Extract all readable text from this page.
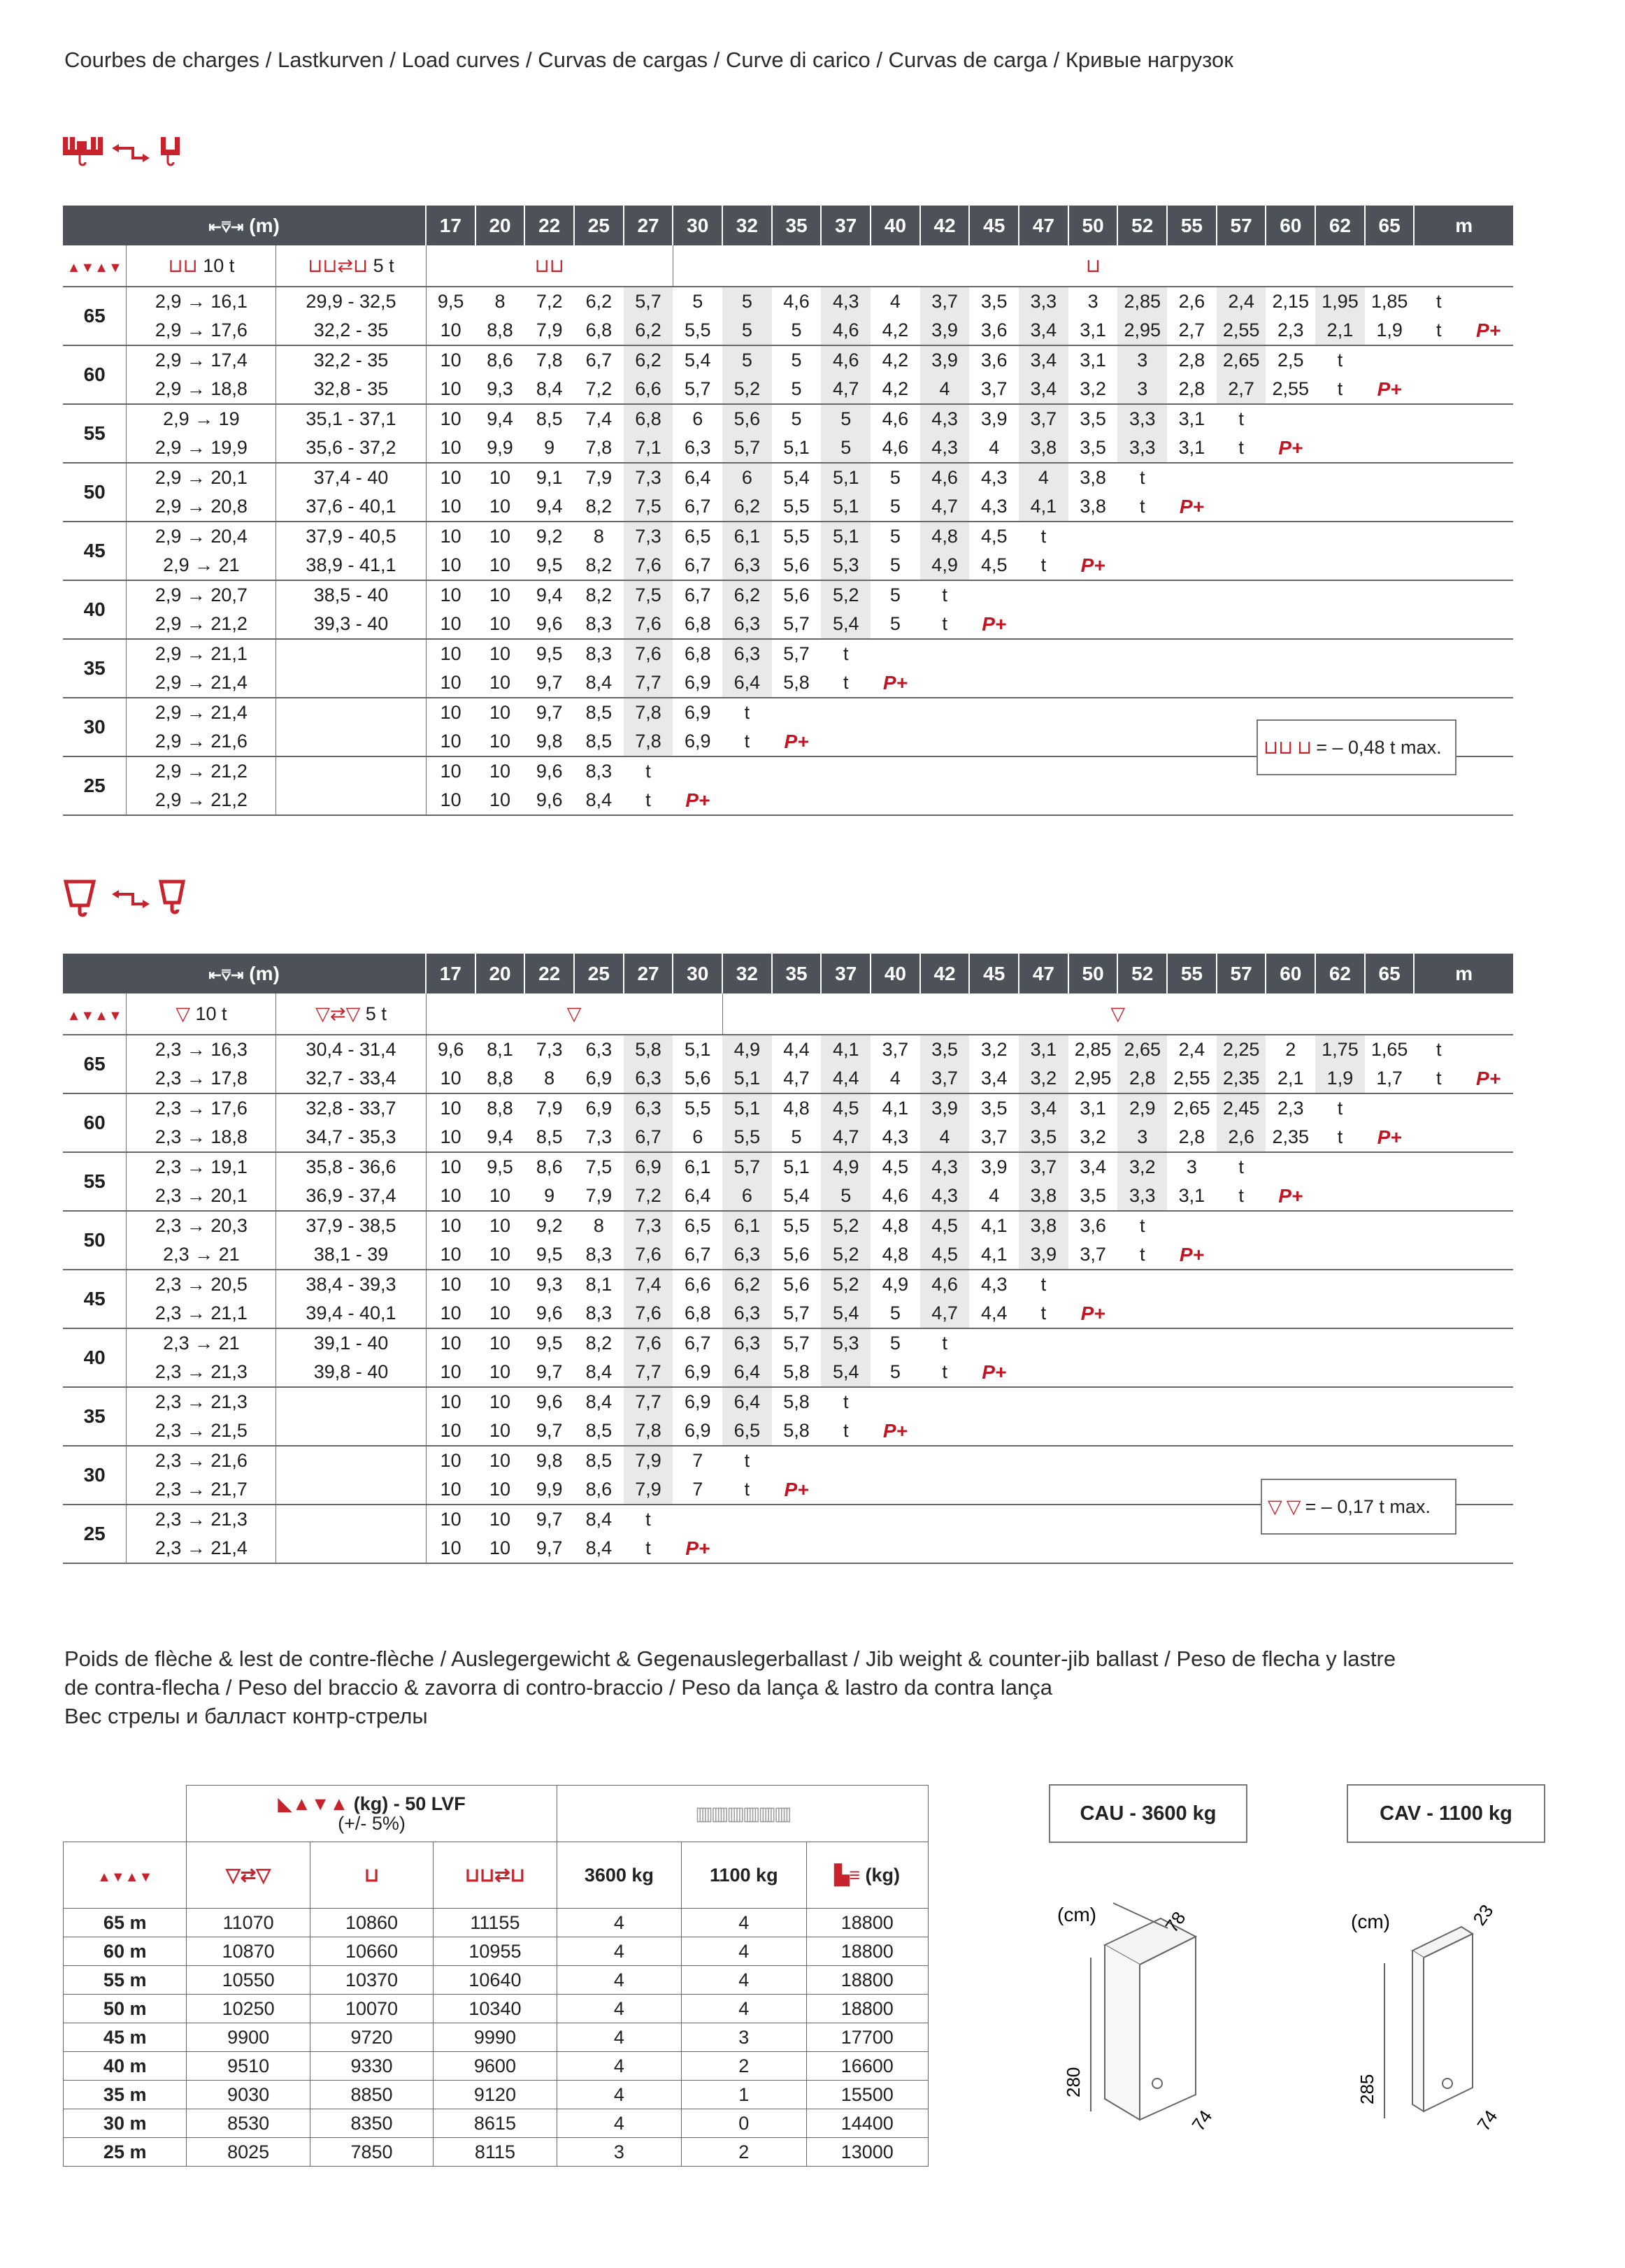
Courbes de charges / Lastkurven / Load curves / Curvas de cargas / Curve di carico / Curvas de carga / Кривые нагрузок
⇤⩢⇥ (m)			17	20	22	25	27	30	32	35	37	40	42	45	47	50	52	55	57	60	62	65	m	
▲▼▲▼	⊔⊔ 10 t	⊔⊔⇄⊔ 5 t	⊔⊔					⊔																
65	2,9 → 16,1	29,9 - 32,5	9,5	8	7,2	6,2	5,7	5	5	4,6	4,3	4	3,7	3,5	3,3	3	2,85	2,6	2,4	2,15	1,95	1,85	t	
	2,9 → 17,6	32,2 - 35	10	8,8	7,9	6,8	6,2	5,5	5	5	4,6	4,2	3,9	3,6	3,4	3,1	2,95	2,7	2,55	2,3	2,1	1,9	t	P+
60	2,9 → 17,4	32,2 - 35	10	8,6	7,8	6,7	6,2	5,4	5	5	4,6	4,2	3,9	3,6	3,4	3,1	3	2,8	2,65	2,5	t			
	2,9 → 18,8	32,8 - 35	10	9,3	8,4	7,2	6,6	5,7	5,2	5	4,7	4,2	4	3,7	3,4	3,2	3	2,8	2,7	2,55	t	P+		
55	2,9 → 19	35,1 - 37,1	10	9,4	8,5	7,4	6,8	6	5,6	5	5	4,6	4,3	3,9	3,7	3,5	3,3	3,1	t					
	2,9 → 19,9	35,6 - 37,2	10	9,9	9	7,8	7,1	6,3	5,7	5,1	5	4,6	4,3	4	3,8	3,5	3,3	3,1	t	P+				
50	2,9 → 20,1	37,4 - 40	10	10	9,1	7,9	7,3	6,4	6	5,4	5,1	5	4,6	4,3	4	3,8	t							
	2,9 → 20,8	37,6 - 40,1	10	10	9,4	8,2	7,5	6,7	6,2	5,5	5,1	5	4,7	4,3	4,1	3,8	t	P+						
45	2,9 → 20,4	37,9 - 40,5	10	10	9,2	8	7,3	6,5	6,1	5,5	5,1	5	4,8	4,5	t									
	2,9 → 21	38,9 - 41,1	10	10	9,5	8,2	7,6	6,7	6,3	5,6	5,3	5	4,9	4,5	t	P+								
40	2,9 → 20,7	38,5 - 40	10	10	9,4	8,2	7,5	6,7	6,2	5,6	5,2	5	t											
	2,9 → 21,2	39,3 - 40	10	10	9,6	8,3	7,6	6,8	6,3	5,7	5,4	5	t	P+										
35	2,9 → 21,1		10	10	9,5	8,3	7,6	6,8	6,3	5,7	t													
	2,9 → 21,4		10	10	9,7	8,4	7,7	6,9	6,4	5,8	t	P+												
30	2,9 → 21,4		10	10	9,7	8,5	7,8	6,9	t															
	2,9 → 21,6		10	10	9,8	8,5	7,8	6,9	t	P+														
25	2,9 → 21,2		10	10	9,6	8,3	t																	
	2,9 → 21,2		10	10	9,6	8,4	t	P+																
⊔⊔ ⊔ = ‒ 0,48 t max.
⇤⩢⇥ (m)			17	20	22	25	27	30	32	35	37	40	42	45	47	50	52	55	57	60	62	65	m	
▲▼▲▼	▽ 10 t	▽⇄▽ 5 t	▽						▽															
65	2,3 → 16,3	30,4 - 31,4	9,6	8,1	7,3	6,3	5,8	5,1	4,9	4,4	4,1	3,7	3,5	3,2	3,1	2,85	2,65	2,4	2,25	2	1,75	1,65	t	
	2,3 → 17,8	32,7 - 33,4	10	8,8	8	6,9	6,3	5,6	5,1	4,7	4,4	4	3,7	3,4	3,2	2,95	2,8	2,55	2,35	2,1	1,9	1,7	t	P+
60	2,3 → 17,6	32,8 - 33,7	10	8,8	7,9	6,9	6,3	5,5	5,1	4,8	4,5	4,1	3,9	3,5	3,4	3,1	2,9	2,65	2,45	2,3	t			
	2,3 → 18,8	34,7 - 35,3	10	9,4	8,5	7,3	6,7	6	5,5	5	4,7	4,3	4	3,7	3,5	3,2	3	2,8	2,6	2,35	t	P+		
55	2,3 → 19,1	35,8 - 36,6	10	9,5	8,6	7,5	6,9	6,1	5,7	5,1	4,9	4,5	4,3	3,9	3,7	3,4	3,2	3	t					
	2,3 → 20,1	36,9 - 37,4	10	10	9	7,9	7,2	6,4	6	5,4	5	4,6	4,3	4	3,8	3,5	3,3	3,1	t	P+				
50	2,3 → 20,3	37,9 - 38,5	10	10	9,2	8	7,3	6,5	6,1	5,5	5,2	4,8	4,5	4,1	3,8	3,6	t							
	2,3 → 21	38,1 - 39	10	10	9,5	8,3	7,6	6,7	6,3	5,6	5,2	4,8	4,5	4,1	3,9	3,7	t	P+						
45	2,3 → 20,5	38,4 - 39,3	10	10	9,3	8,1	7,4	6,6	6,2	5,6	5,2	4,9	4,6	4,3	t									
	2,3 → 21,1	39,4 - 40,1	10	10	9,6	8,3	7,6	6,8	6,3	5,7	5,4	5	4,7	4,4	t	P+								
40	2,3 → 21	39,1 - 40	10	10	9,5	8,2	7,6	6,7	6,3	5,7	5,3	5	t											
	2,3 → 21,3	39,8 - 40	10	10	9,7	8,4	7,7	6,9	6,4	5,8	5,4	5	t	P+										
35	2,3 → 21,3		10	10	9,6	8,4	7,7	6,9	6,4	5,8	t													
	2,3 → 21,5		10	10	9,7	8,5	7,8	6,9	6,5	5,8	t	P+												
30	2,3 → 21,6		10	10	9,8	8,5	7,9	7	t															
	2,3 → 21,7		10	10	9,9	8,6	7,9	7	t	P+														
25	2,3 → 21,3		10	10	9,7	8,4	t																	
	2,3 → 21,4		10	10	9,7	8,4	t	P+																
▽ ▽ = ‒ 0,17 t max.
Poids de flèche & lest de contre-flèche / Auslegergewicht & Gegenauslegerballast / Jib weight & counter-jib ballast / Peso de flecha y lastre
de contra-flecha / Peso del braccio & zavorra di contro-braccio / Peso da lança & lastro da contra lança
Вес стрелы и балласт контр-стрелы
	◣▲▼▲ (kg) - 50 LVF
(+/- 5%)			▥▥▥▥▥▥		
▲▼▲▼	▽⇄▽	⊔	⊔⊔⇄⊔	3600 kg	1100 kg	▙≡ (kg)
65 m	11070	10860	11155	4	4	18800
60 m	10870	10660	10955	4	4	18800
55 m	10550	10370	10640	4	4	18800
50 m	10250	10070	10340	4	4	18800
45 m	9900	9720	9990	4	3	17700
40 m	9510	9330	9600	4	2	16600
35 m	9030	8850	9120	4	1	15500
30 m	8530	8350	8615	4	0	14400
25 m	8025	7850	8115	3	2	13000
CAU - 3600 kg	CAV - 1100 kg
(cm)	78
280
74
(cm)	23
285
74
